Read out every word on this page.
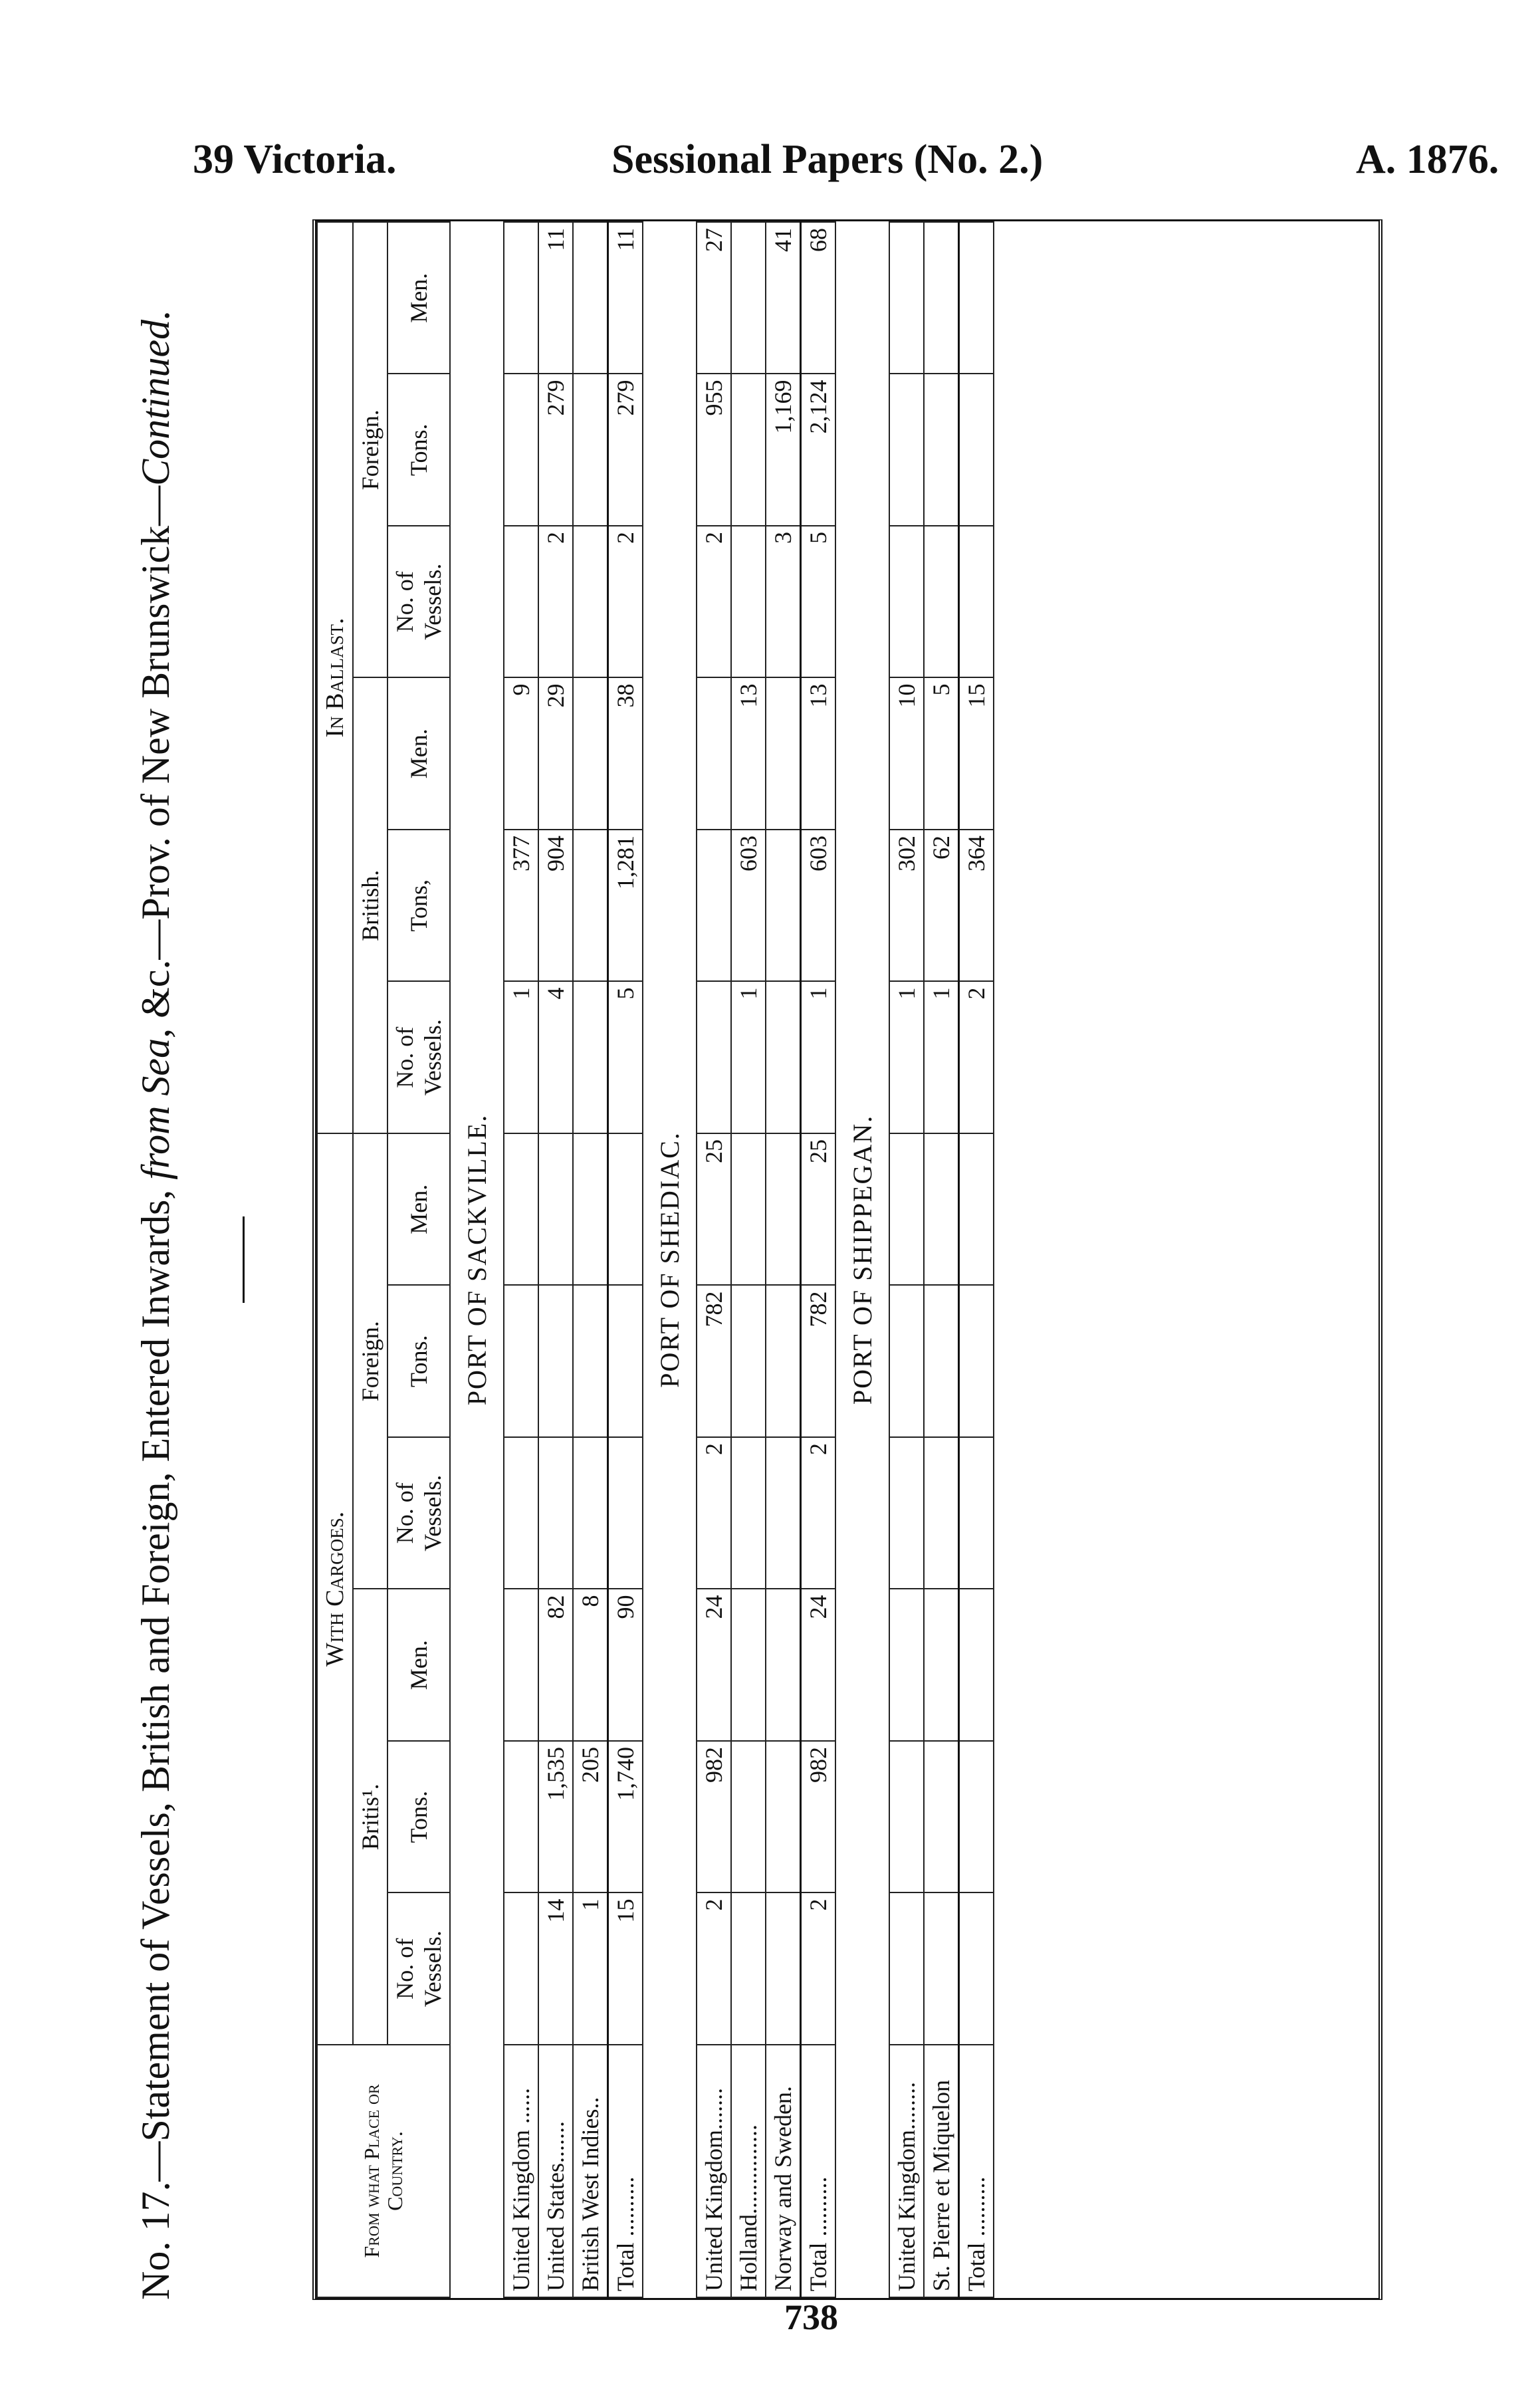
39 Victoria.	Sessional Papers (No. 2.)	A. 1876.
No. 17.—Statement of Vessels, British and Foreign, Entered Inwards, from Sea, &c.—Prov. of New Brunswick—Continued.
From what Place or Country.	With Cargoes.						In Ballast.					
	Britis¹.			Foreign.			British.			Foreign.		
	No. of Vessels.	Tons.	Men.	No. of Vessels.	Tons.	Men.	No. of Vessels.	Tons,	Men.	No. of Vessels.	Tons.	Men.
PORT OF SACKVILLE.												
United Kingdom ......							1	377	9			
United States.......	14	1,535	82				4	904	29	2	279	11
British West Indies..	1	205	8									
Total ..........	15	1,740	90				5	1,281	38	2	279	11
PORT OF SHEDIAC.												
United Kingdom.......	2	982	24	2	782	25				2	955	27
Holland...............							1	603	13			
Norway and Sweden.										3	1,169	41
Total ..........	2	982	24	2	782	25	1	603	13	5	2,124	68
PORT OF SHIPPEGAN.												
United Kingdom........							1	302	10			
St. Pierre et Miquelon							1	62	5			
Total ..........							2	364	15			
738
